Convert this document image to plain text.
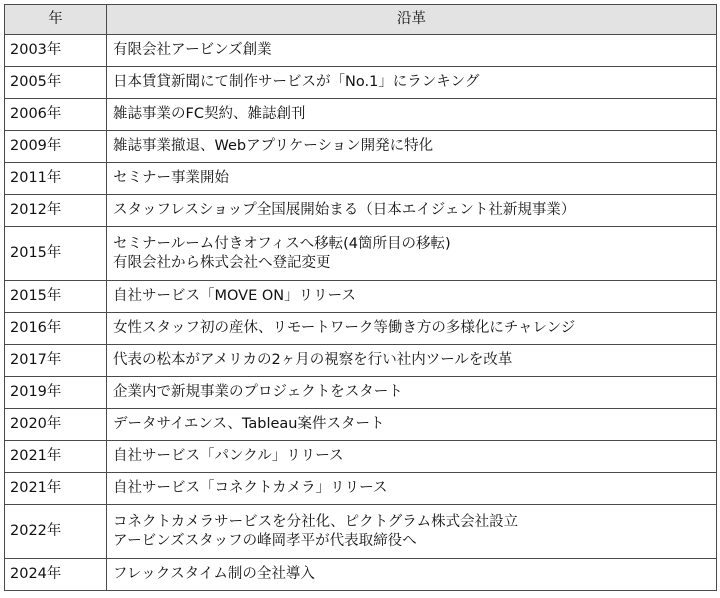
年	沿革
2003年	有限会社アービンズ創業

2005年	日本賃貸新聞にて制作サービスが「No.1」にランキング

2006年	雑誌事業のFC契約、雑誌創刊

2009年	雑誌事業撤退、Webアプリケーション開発に特化

2011年	セミナー事業開始

2012年	スタッフレスショップ全国展開始まる（日本エイジェント社新規事業）

2015年	セミナールーム付きオフィスへ移転(4箇所目の移転)
有限会社から株式会社へ登記変更

2015年	自社サービス「MOVE ON」リリース

2016年	女性スタッフ初の産休、リモートワーク等働き方の多様化にチャレンジ

2017年	代表の松本がアメリカの2ヶ月の視察を行い社内ツールを改革

2019年	企業内で新規事業のプロジェクトをスタート

2020年	データサイエンス、Tableau案件スタート

2021年	自社サービス「パンクル」リリース

2021年	自社サービス「コネクトカメラ」リリース

2022年	コネクトカメラサービスを分社化、ピクトグラム株式会社設立
アービンズスタッフの峰岡孝平が代表取締役へ

2024年	フレックスタイム制の全社導入
